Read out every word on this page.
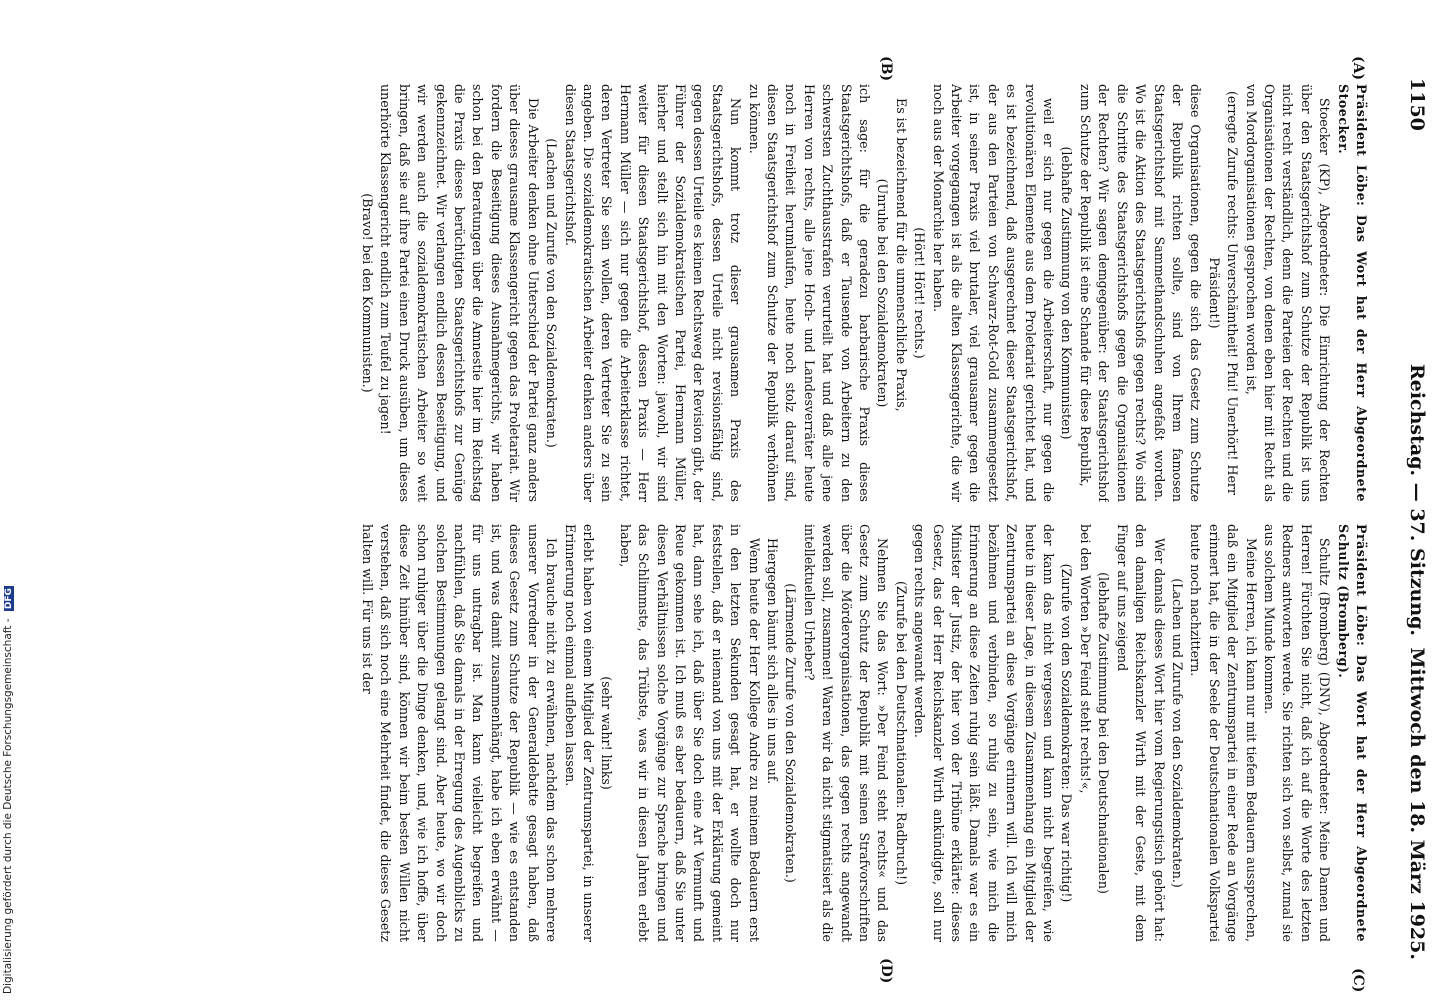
1150
Reichstag. — 37. Sitzung.
Mittwoch den 18. März 1925.
(A)
(B)
(C)
(D)

Präsident Löbe: Das Wort hat der Herr Abgeordnete Stoecker.

Stoecker (KP), Abgeordneter: Die Einrichtung der Rechten über den Staatsgerichtshof zum Schutze der Republik ist uns nicht recht verständlich, denn die Parteien der Rechten und die Organisationen der Rechten, von denen eben hier mit Recht als von Mordorganisationen gesprochen worden ist,

(erregte Zurufe rechts: Unverschämtheit! Pfui! Unerhört! Herr Präsident!)

diese Organisationen, gegen die sich das Gesetz zum Schutze der Republik richten sollte, sind von Ihrem famosen Staatsgerichtshof mit Sammethandschuhen angefaßt worden. Wo ist die Aktion des Staatsgerichtshofs gegen rechts? Wo sind die Schritte des Staatsgerichtshofs gegen die Organisationen der Rechten? Wir sagen demgegenüber: der Staatsgerichtshof zum Schutze der Republik ist eine Schande für diese Republik,

(lebhafte Zustimmung von den Kommunisten)

weil er sich nur gegen die Arbeiterschaft, nur gegen die revolutionären Elemente aus dem Proletariat gerichtet hat, und es ist bezeichnend, daß ausgerechnet dieser Staatsgerichtshof, der aus den Parteien von Schwarz-Rot-Gold zusammengesetzt ist, in seiner Praxis viel brutaler, viel grausamer gegen die Arbeiter vorgegangen ist als die alten Klassengerichte, die wir noch aus der Monarchie her haben.

(Hört! Hört! rechts.)

Es ist bezeichnend für die unmenschliche Praxis,

(Unruhe bei den Sozialdemokraten)

ich sage: für die geradezu barbarische Praxis dieses Staatsgerichtshofs, daß er Tausende von Arbeitern zu den schwersten Zuchthausstrafen verurteilt hat und daß alle jene Herren von rechts, alle jene Hoch- und Landesverräter heute noch in Freiheit herumlaufen, heute noch stolz darauf sind, diesen Staatsgerichtshof zum Schutze der Republik verhöhnen zu können.

Nun kommt trotz dieser grausamen Praxis des Staatsgerichtshofs, dessen Urteile nicht revisionsfähig sind, gegen dessen Urteile es keinen Rechtsweg der Revision gibt, der Führer der Sozialdemokratischen Partei, Hermann Müller, hierher und stellt sich hin mit den Worten: jawohl, wir sind weiter für diesen Staatsgerichtshof, dessen Praxis — Herr Hermann Müller — sich nur gegen die Arbeiterklasse richtet, deren Vertreter Sie sein wollen, deren Vertreter Sie zu sein angeben. Die sozialdemokratischen Arbeiter denken anders über diesen Staatsgerichtshof.

(Lachen und Zurufe von den Sozialdemokraten.)

Die Arbeiter denken ohne Unterschied der Partei ganz anders über dieses grausame Klassengericht gegen das Proletariat. Wir fordern die Beseitigung dieses Ausnahmegerichts, wir haben schon bei den Beratungen über die Amnestie hier im Reichstag die Praxis dieses berüchtigten Staatsgerichtshofs zur Genüge gekennzeichnet. Wir verlangen endlich dessen Beseitigung, und wir werden auch die sozialdemokratischen Arbeiter so weit bringen, daß sie auf ihre Partei einen Druck ausüben, um dieses unerhörte Klassengericht endlich zum Teufel zu jagen!

(Bravo! bei den Kommunisten.)

Präsident Löbe: Das Wort hat der Herr Abgeordnete Schultz (Bromberg).

Schultz (Bromberg) (DNV), Abgeordneter: Meine Damen und Herren! Fürchten Sie nicht, daß ich auf die Worte des letzten Redners antworten werde. Sie richten sich von selbst, zumal sie aus solchem Munde kommen.

Meine Herren, ich kann nur mit tiefem Bedauern aussprechen, daß ein Mitglied der Zentrumspartei in einer Rede an Vorgänge erinnert hat, die in der Seele der Deutschnationalen Volkspartei heute noch nachzittern.

(Lachen und Zurufe von den Sozialdemokraten.)

Wer damals dieses Wort hier vom Regierungstisch gehört hat: den damaligen Reichskanzler Wirth mit der Geste, mit dem Finger auf uns zeigend

(lebhafte Zustimmung bei den Deutschnationalen)

bei den Worten »Der Feind steht rechts!«,

(Zurufe von den Sozialdemokraten: Das war richtig!)

der kann das nicht vergessen und kann nicht begreifen, wie heute in dieser Lage, in diesem Zusammenhang ein Mitglied der Zentrumspartei an diese Vorgänge erinnern will. Ich will mich bezähmen und verbinden, so ruhig zu sein, wie mich die Erinnerung an diese Zeiten ruhig sein läßt. Damals war es ein Minister der Justiz, der hier von der Tribüne erklärte: dieses Gesetz, das der Herr Reichskanzler Wirth ankündigte, soll nur gegen rechts angewandt werden.

(Zurufe bei den Deutschnationalen: Radbruch!)

Nehmen Sie das Wort: »Der Feind steht rechts« und das Gesetz zum Schutz der Republik mit seinen Strafvorschriften über die Mörderorganisationen, das gegen rechts angewandt werden soll, zusammen! Waren wir da nicht stigmatisiert als die intellektuellen Urheber?

(Lärmende Zurufe von den Sozialdemokraten.)

Hiergegen bäumt sich alles in uns auf.

Wenn heute der Herr Kollege Andre zu meinem Bedauern erst in den letzten Sekunden gesagt hat, er wollte doch nur feststellen, daß er niemand von uns mit der Erklärung gemeint hat, dann sehe ich, daß über Sie doch eine Art Vermunft und Reue gekommen ist. Ich muß es aber bedauern, daß Sie unter diesen Verhältnissen solche Vorgänge zur Sprache bringen und das Schlimmste, das Trübste, was wir in diesen Jahren erlebt haben,

(sehr wahr! links)

erlebt haben von einem Mitglied der Zentrumspartei, in unserer Erinnerung noch einmal aufleben lassen.

Ich brauche nicht zu erwähnen, nachdem das schon mehrere unserer Vorredner in der Generaldebatte gesagt haben, daß dieses Gesetz zum Schutze der Republik — wie es entstanden ist, und was damit zusammenhängt, habe ich eben erwähnt — für uns untragbar ist. Man kann vielleicht begreifen und nachfühlen, daß Sie damals in der Erregung des Augenblicks zu solchen Bestimmungen gelangt sind. Aber heute, wo wir doch schon ruhiger über die Dinge denken, und, wie ich hoffe, über diese Zeit hinüber sind, können wir beim besten Willen nicht verstehen, daß sich noch eine Mehrheit findet, die dieses Gesetz halten will. Für uns ist der

Digitalisierung gefördert durch die Deutsche Forschungsgemeinschaft - DFG
